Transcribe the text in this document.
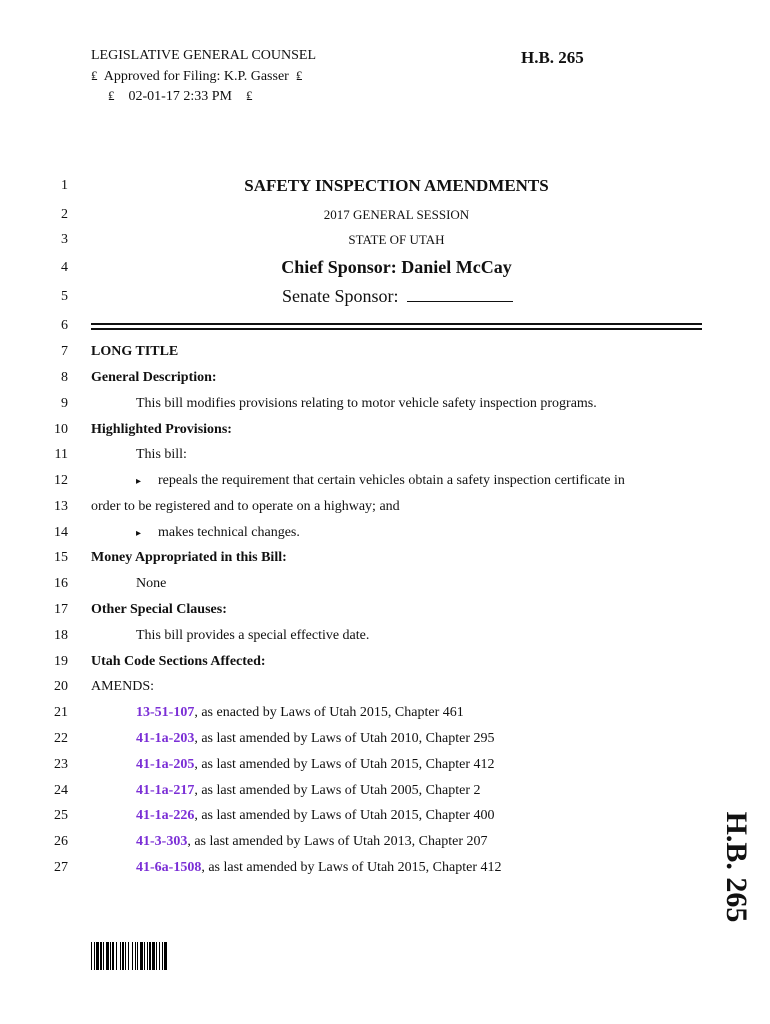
LEGISLATIVE GENERAL COUNSEL
₤ Approved for Filing: K.P. Gasser ₤
₤ 02-01-17 2:33 PM ₤
H.B. 265
1
2
3
4
5
6
7
8
9
10
11
12
13
14
15
16
17
18
19
20
21
22
23
24
25
26
27
SAFETY INSPECTION AMENDMENTS
2017 GENERAL SESSION
STATE OF UTAH
Chief Sponsor: Daniel McCay
Senate Sponsor:
LONG TITLE
General Description:
This bill modifies provisions relating to motor vehicle safety inspection programs.
Highlighted Provisions:
This bill:
▸ repeals the requirement that certain vehicles obtain a safety inspection certificate in
order to be registered and to operate on a highway; and
▸ makes technical changes.
Money Appropriated in this Bill:
None
Other Special Clauses:
This bill provides a special effective date.
Utah Code Sections Affected:
AMENDS:
13-51-107, as enacted by Laws of Utah 2015, Chapter 461
41-1a-203, as last amended by Laws of Utah 2010, Chapter 295
41-1a-205, as last amended by Laws of Utah 2015, Chapter 412
41-1a-217, as last amended by Laws of Utah 2005, Chapter 2
41-1a-226, as last amended by Laws of Utah 2015, Chapter 400
41-3-303, as last amended by Laws of Utah 2013, Chapter 207
41-6a-1508, as last amended by Laws of Utah 2015, Chapter 412	H.B. 265
